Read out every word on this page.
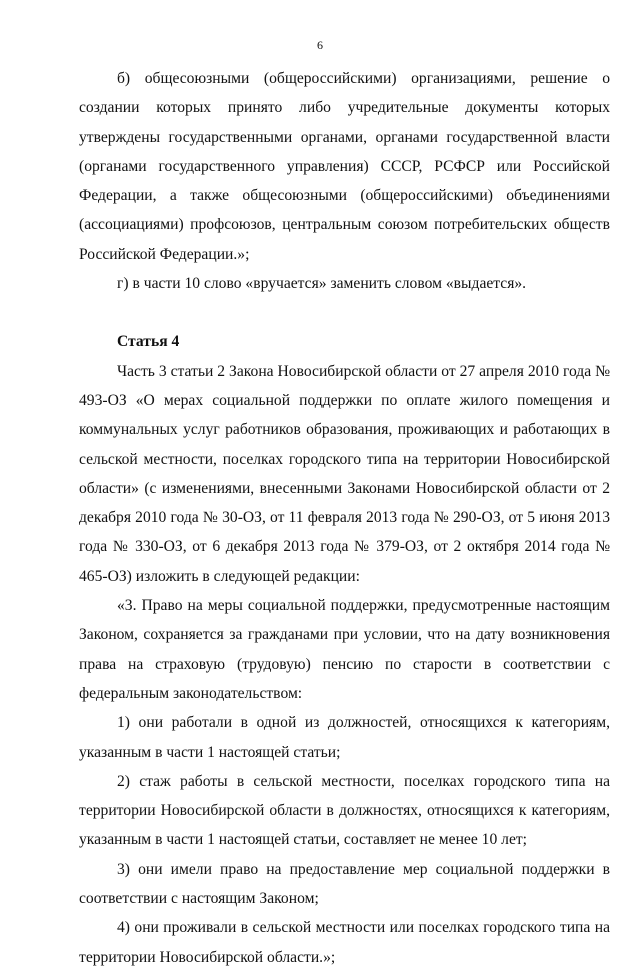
6

б) общесоюзными (общероссийскими) организациями, решение о создании которых принято либо учредительные документы которых утверждены государственными органами, органами государственной власти (органами государственного управления) СССР, РСФСР или Российской Федерации, а также общесоюзными (общероссийскими) объединениями (ассоциациями) профсоюзов, центральным союзом потребительских обществ Российской Федерации.»;

г) в части 10 слово «вручается» заменить словом «выдается».

Статья 4

Часть 3 статьи 2 Закона Новосибирской области от 27 апреля 2010 года № 493-ОЗ «О мерах социальной поддержки по оплате жилого помещения и коммунальных услуг работников образования, проживающих и работающих в сельской местности, поселках городского типа на территории Новосибирской области» (с изменениями, внесенными Законами Новосибирской области от 2 декабря 2010 года № 30-ОЗ, от 11 февраля 2013 года № 290-ОЗ, от 5 июня 2013 года № 330-ОЗ, от 6 декабря 2013 года № 379-ОЗ, от 2 октября 2014 года № 465-ОЗ) изложить в следующей редакции:

«3. Право на меры социальной поддержки, предусмотренные настоящим Законом, сохраняется за гражданами при условии, что на дату возникновения права на страховую (трудовую) пенсию по старости в соответствии с федеральным законодательством:

1) они работали в одной из должностей, относящихся к категориям, указанным в части 1 настоящей статьи;

2) стаж работы в сельской местности, поселках городского типа на территории Новосибирской области в должностях, относящихся к категориям, указанным в части 1 настоящей статьи, составляет не менее 10 лет;

3) они имели право на предоставление мер социальной поддержки в соответствии с настоящим Законом;

4) они проживали в сельской местности или поселках городского типа на территории Новосибирской области.»;
